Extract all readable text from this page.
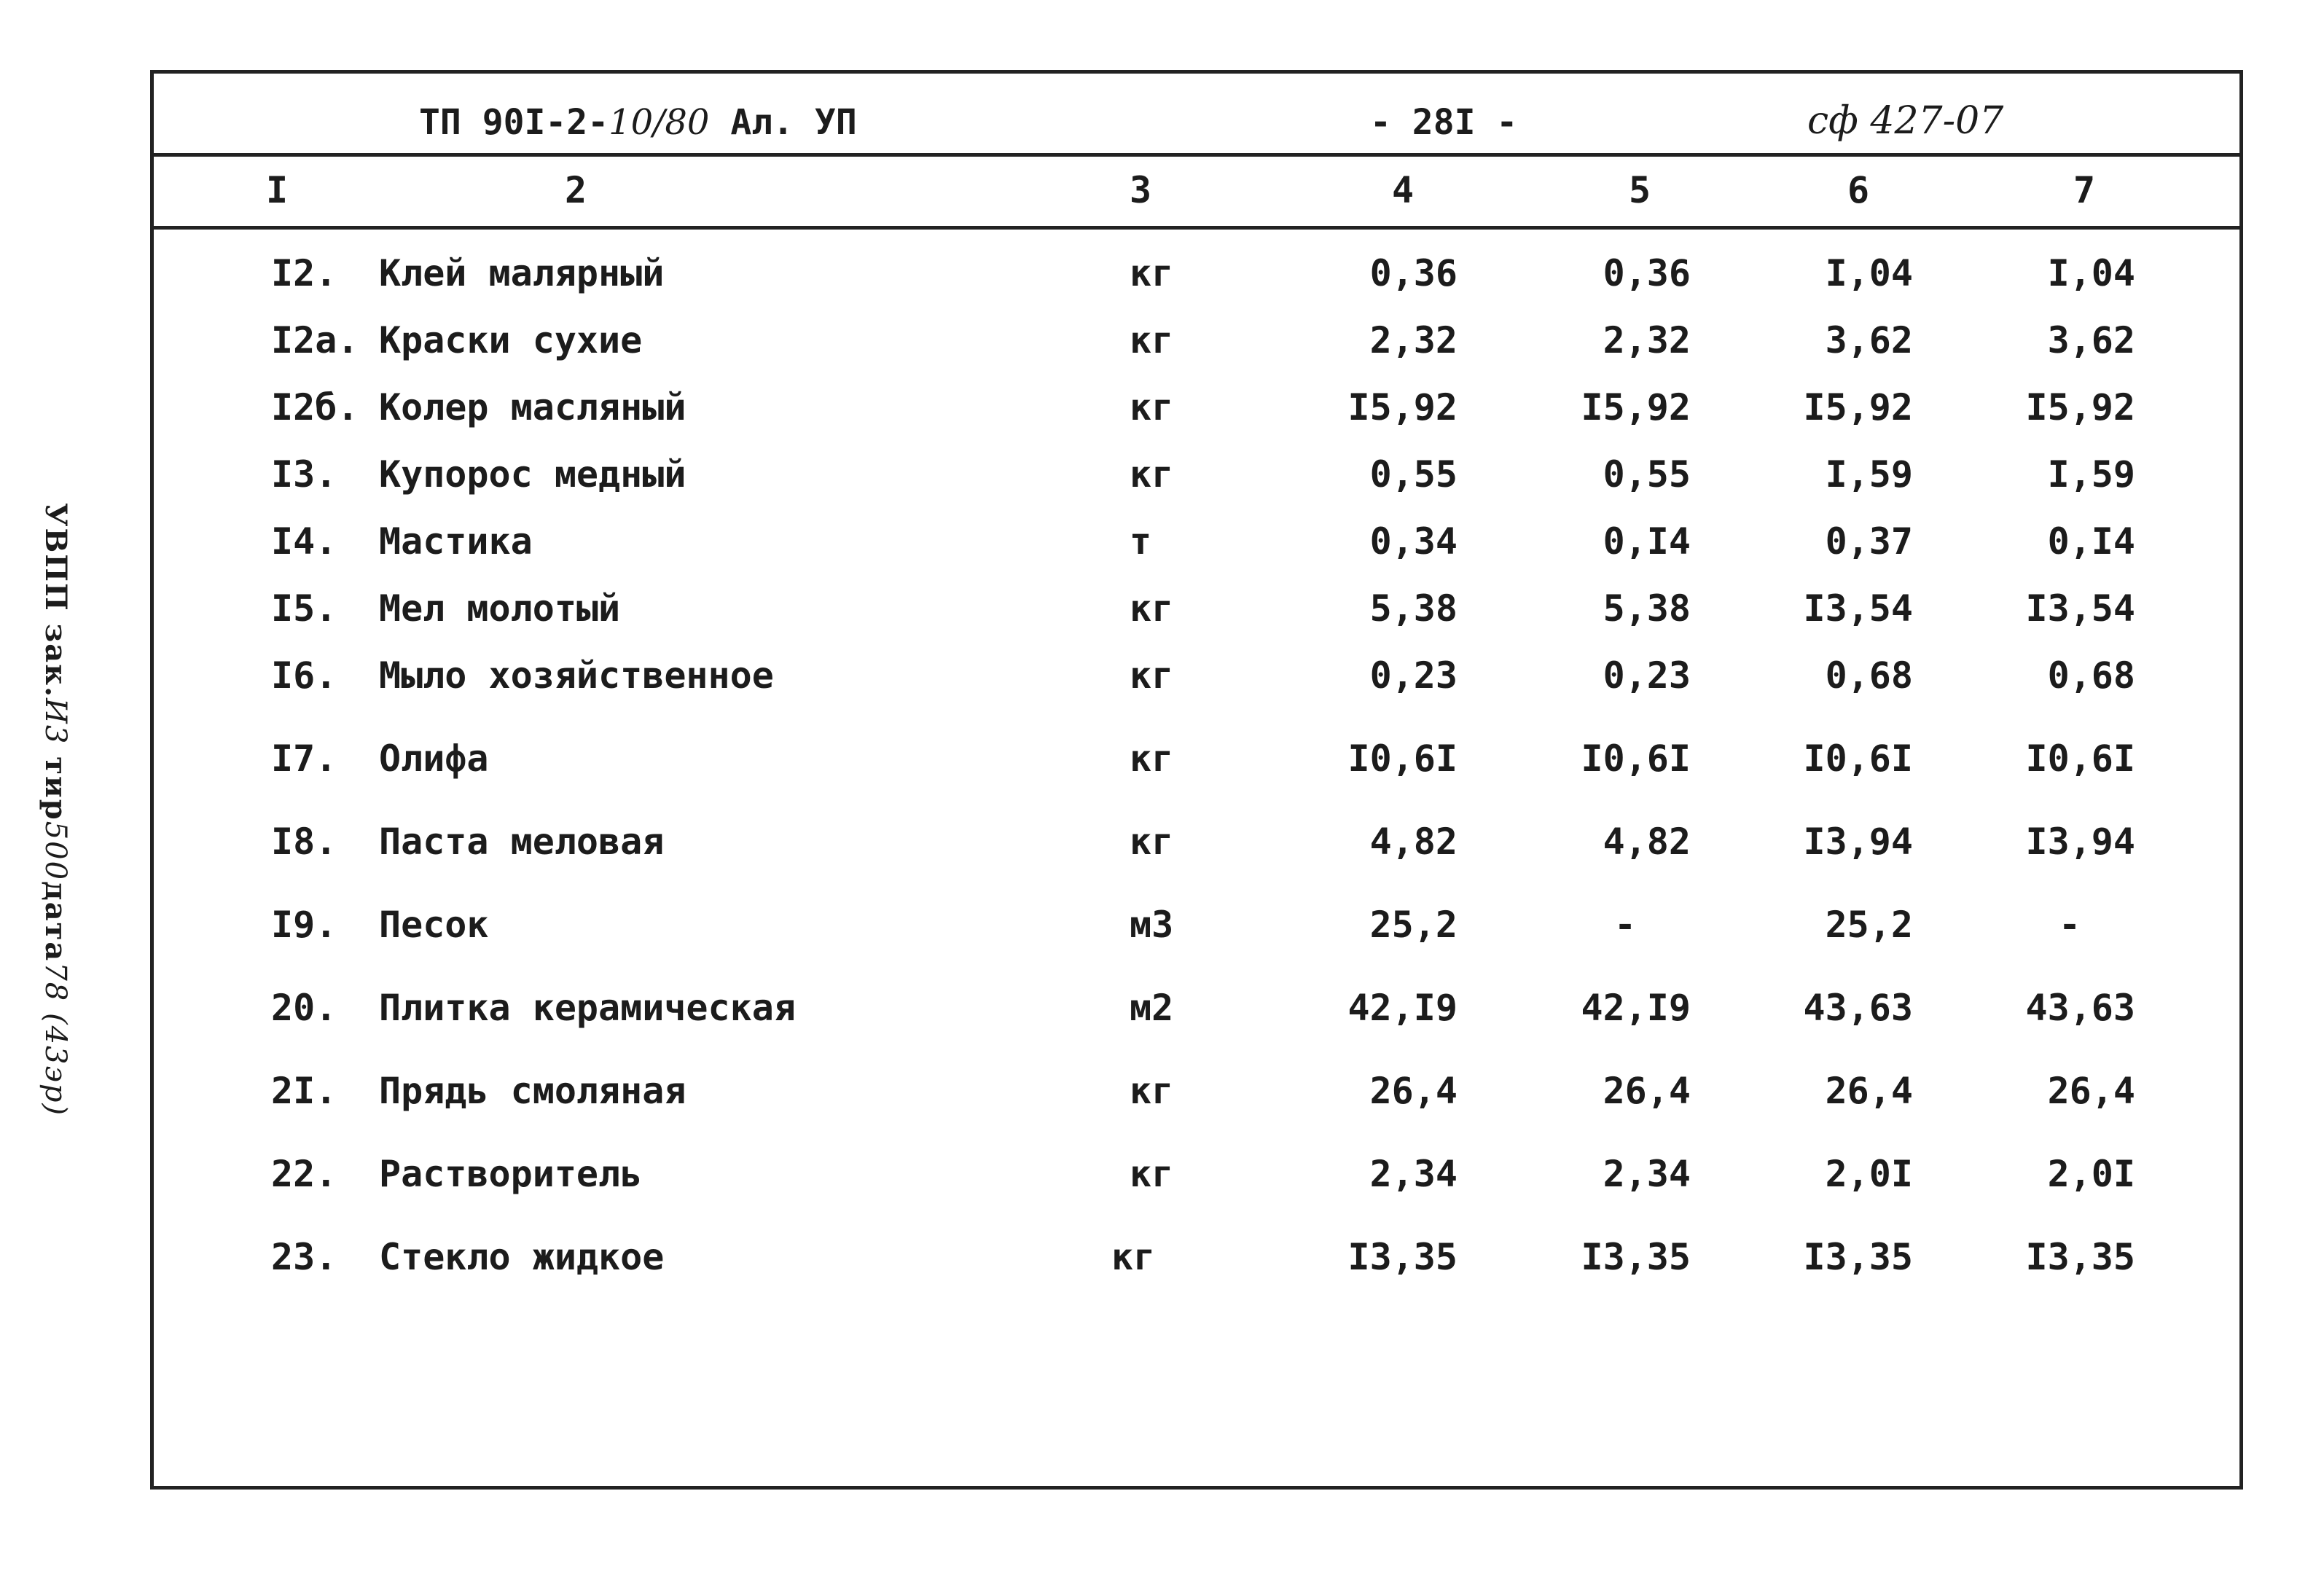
УВПП зак.И3 тир500дата78 (43эр)
ТП 90I-2-10/80 Ал. УП	- 28I -	сф 427-07
I	2	3	4	5	6	7
I2. Клей малярный	кг	0,36	0,36	I,04	I,04
I2а. Краски сухие	кг	2,32	2,32	3,62	3,62
I2б. Колер масляный	кг	I5,92	I5,92	I5,92	I5,92
I3. Купорос медный	кг	0,55	0,55	I,59	I,59
I4. Мастика	т	0,34	0,I4	0,37	0,I4
I5. Мел молотый	кг	5,38	5,38	I3,54	I3,54
I6. Мыло хозяйственное	кг	0,23	0,23	0,68	0,68
I7. Олифа	кг	I0,6I	I0,6I	I0,6I	I0,6I
I8. Паста меловая	кг	4,82	4,82	I3,94	I3,94
I9. Песок	м3	25,2	-	25,2	-
20. Плитка керамическая	м2	42,I9	42,I9	43,63	43,63
2I. Прядь смоляная	кг	26,4	26,4	26,4	26,4
22. Растворитель	кг	2,34	2,34	2,0I	2,0I
23. Стекло жидкое	кг	I3,35	I3,35	I3,35	I3,35
